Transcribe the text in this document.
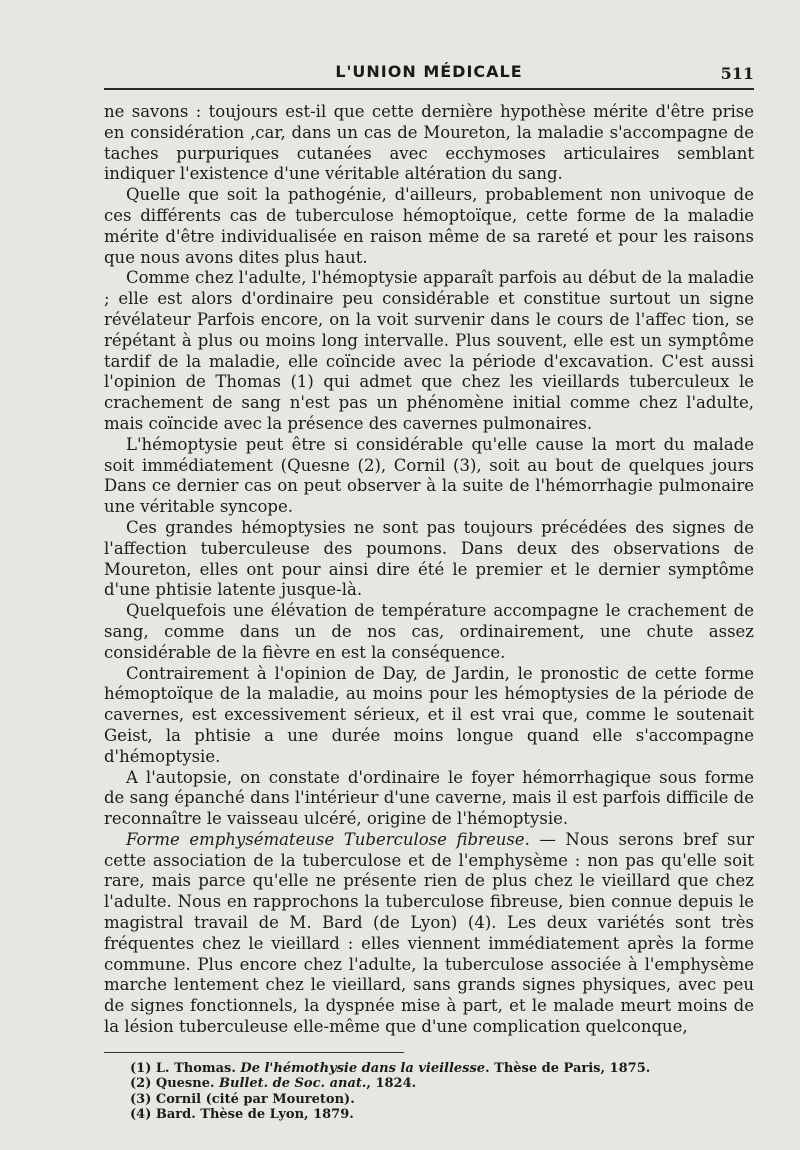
L'UNION MÉDICALE	511

ne savons : toujours est-il que cette dernière hypothèse mérite d'être prise en considération ,car, dans un cas de Moureton, la maladie s'accompagne de taches purpuriques cutanées avec ecchymoses articulaires semblant indiquer l'existence d'une véritable altération du sang.

Quelle que soit la pathogénie, d'ailleurs, probablement non univoque de ces différents cas de tuberculose hémoptoïque, cette forme de la maladie mérite d'être individualisée en raison même de sa rareté et pour les raisons que nous avons dites plus haut.

Comme chez l'adulte, l'hémoptysie apparaît parfois au début de la maladie ; elle est alors d'ordinaire peu considérable et constitue surtout un signe révélateur Parfois encore, on la voit survenir dans le cours de l'affec tion, se répétant à plus ou moins long intervalle. Plus souvent, elle est un symptôme tardif de la maladie, elle coïncide avec la période d'excavation. C'est aussi l'opinion de Thomas (1) qui admet que chez les vieillards tuberculeux le crachement de sang n'est pas un phénomène initial comme chez l'adulte, mais coïncide avec la présence des cavernes pulmonaires.

L'hémoptysie peut être si considérable qu'elle cause la mort du malade soit immédiatement (Quesne (2), Cornil (3), soit au bout de quelques jours Dans ce dernier cas on peut observer à la suite de l'hémorrhagie pulmonaire une véritable syncope.

Ces grandes hémoptysies ne sont pas toujours précédées des signes de l'affection tuberculeuse des poumons. Dans deux des observations de Moureton, elles ont pour ainsi dire été le premier et le dernier symptôme d'une phtisie latente jusque-là.

Quelquefois une élévation de température accompagne le crachement de sang, comme dans un de nos cas, ordinairement, une chute assez considérable de la fièvre en est la conséquence.

Contrairement à l'opinion de Day, de Jardin, le pronostic de cette forme hémoptoïque de la maladie, au moins pour les hémoptysies de la période de cavernes, est excessivement sérieux, et il est vrai que, comme le soutenait Geist, la phtisie a une durée moins longue quand elle s'accompagne d'hémoptysie.

A l'autopsie, on constate d'ordinaire le foyer hémorrhagique sous forme de sang épanché dans l'intérieur d'une caverne, mais il est parfois difficile de reconnaître le vaisseau ulcéré, origine de l'hémoptysie.

Forme emphysémateuse Tuberculose fibreuse. — Nous serons bref sur cette association de la tuberculose et de l'emphysème : non pas qu'elle soit rare, mais parce qu'elle ne présente rien de plus chez le vieillard que chez l'adulte. Nous en rapprochons la tuberculose fibreuse, bien connue depuis le magistral travail de M. Bard (de Lyon) (4). Les deux variétés sont très fréquentes chez le vieillard : elles viennent immédiatement après la forme commune. Plus encore chez l'adulte, la tuberculose associée à l'emphysème marche lentement chez le vieillard, sans grands signes physiques, avec peu de signes fonctionnels, la dyspnée mise à part, et le malade meurt moins de la lésion tuberculeuse elle-même que d'une complication quelconque,

(1) L. Thomas. De l'hémothysie dans la vieillesse. Thèse de Paris, 1875.
(2) Quesne. Bullet. de Soc. anat., 1824.
(3) Cornil (cité par Moureton).
(4) Bard. Thèse de Lyon, 1879.
